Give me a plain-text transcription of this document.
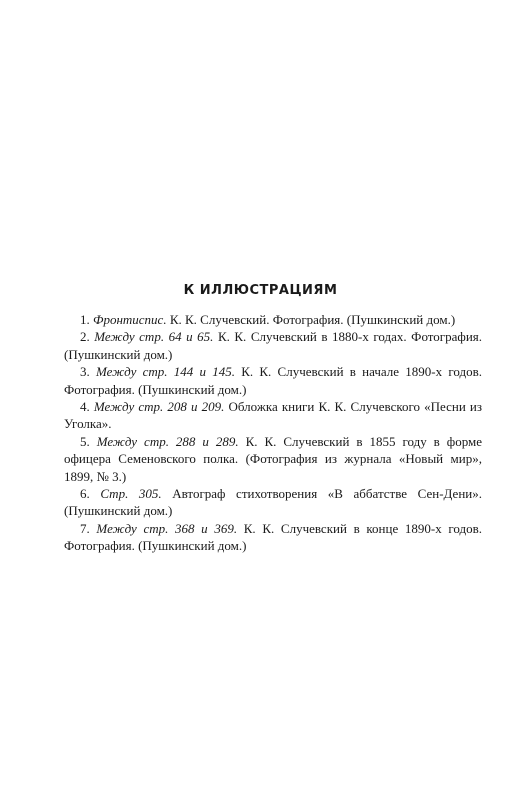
К ИЛЛЮСТРАЦИЯМ

1. Фронтиспис. К. К. Случевский. Фотография. (Пушкинский дом.)

2. Между стр. 64 и 65. К. К. Случевский в 1880-х годах. Фотография. (Пушкинский дом.)

3. Между стр. 144 и 145. К. К. Случевский в начале 1890-х годов. Фотография. (Пушкинский дом.)

4. Между стр. 208 и 209. Обложка книги К. К. Случевского «Песни из Уголка».

5. Между стр. 288 и 289. К. К. Случевский в 1855 году в форме офицера Семеновского полка. (Фотография из журнала «Новый мир», 1899, № 3.)

6. Стр. 305. Автограф стихотворения «В аббатстве Сен-Дени». (Пушкинский дом.)

7. Между стр. 368 и 369. К. К. Случевский в конце 1890-х годов. Фотография. (Пушкинский дом.)
